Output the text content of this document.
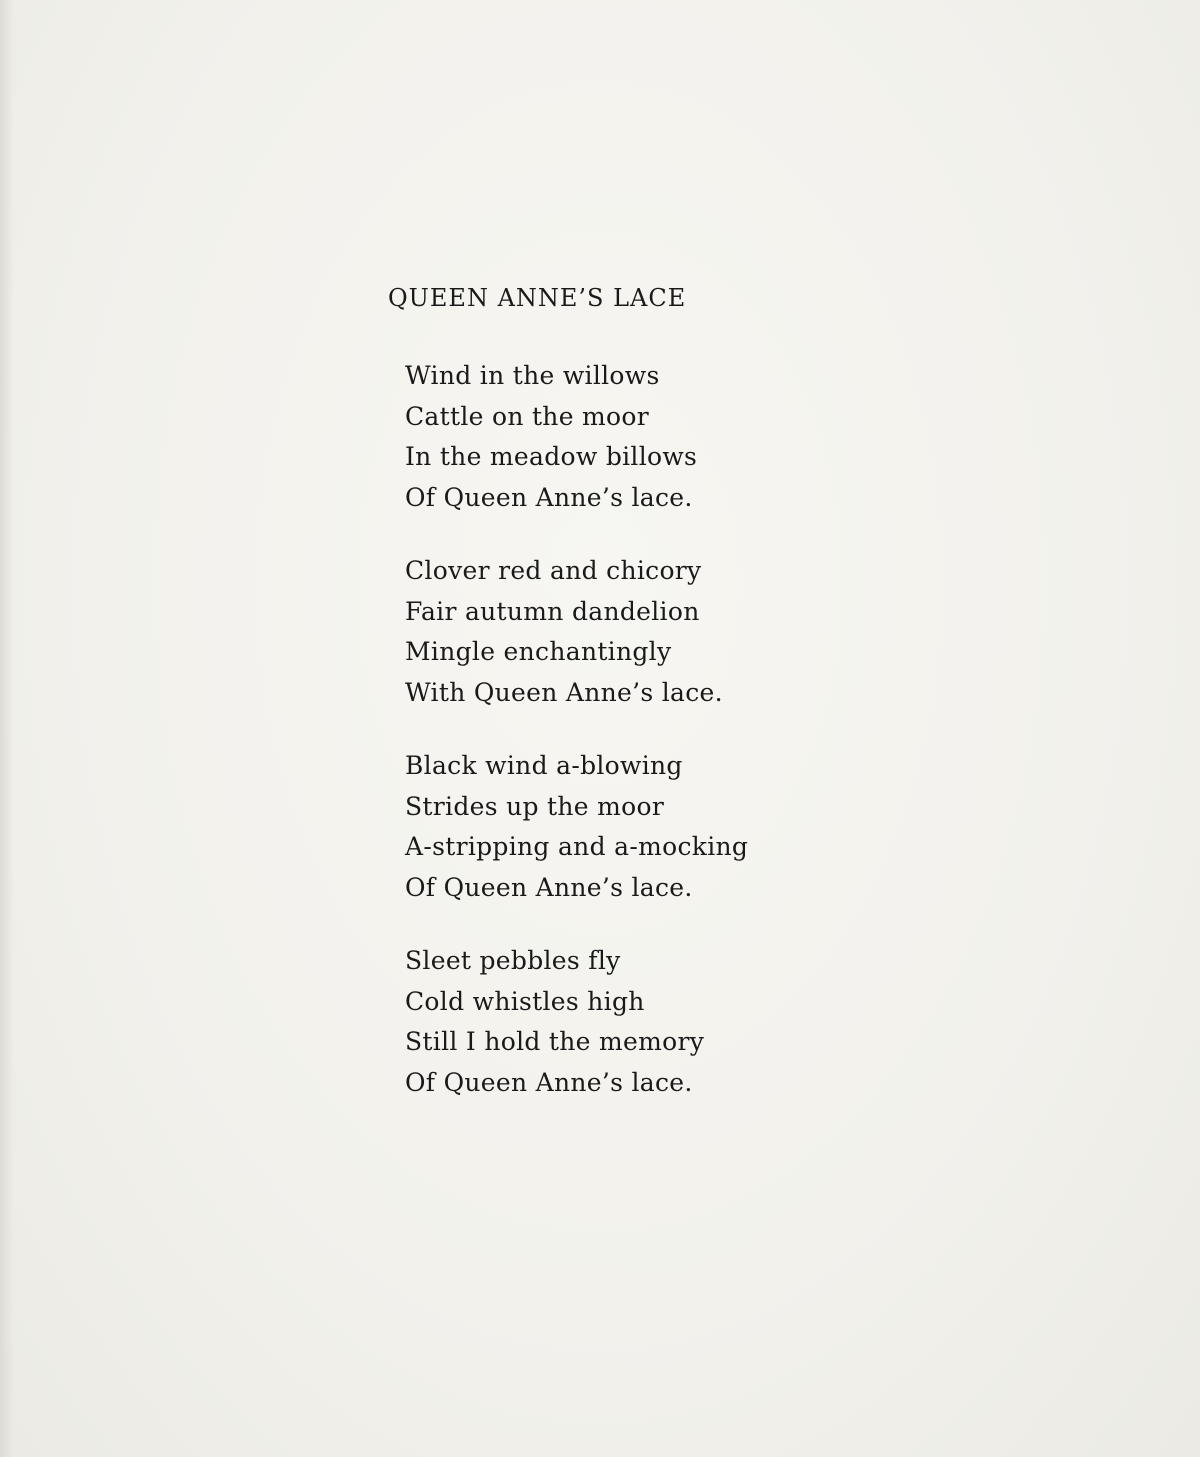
QUEEN ANNE’S LACE
Wind in the willows
Cattle on the moor
In the meadow billows
Of Queen Anne’s lace.
Clover red and chicory
Fair autumn dandelion
Mingle enchantingly
With Queen Anne’s lace.
Black wind a-blowing
Strides up the moor
A-stripping and a-mocking
Of Queen Anne’s lace.
Sleet pebbles fly
Cold whistles high
Still I hold the memory
Of Queen Anne’s lace.
